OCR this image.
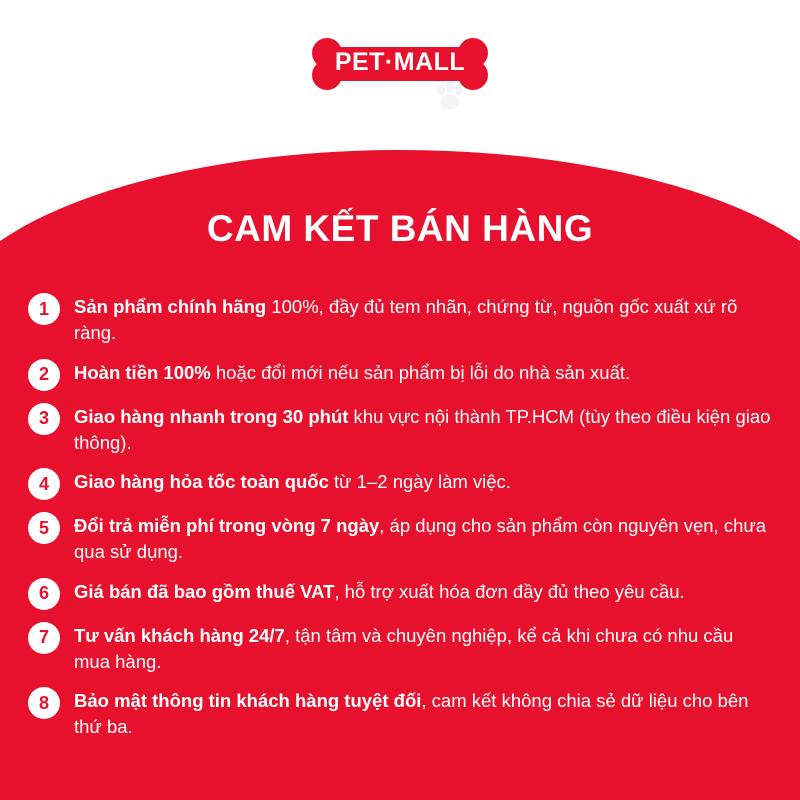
PET·MALL
CAM KẾT BÁN HÀNG
1	Sản phẩm chính hãng 100%, đầy đủ tem nhãn, chứng từ, nguồn gốc xuất xứ rõ ràng.
2	Hoàn tiền 100% hoặc đổi mới nếu sản phẩm bị lỗi do nhà sản xuất.
3	Giao hàng nhanh trong 30 phút khu vực nội thành TP.HCM (tùy theo điều kiện giao thông).
4	Giao hàng hỏa tốc toàn quốc từ 1–2 ngày làm việc.
5	Đổi trả miễn phí trong vòng 7 ngày, áp dụng cho sản phẩm còn nguyên vẹn, chưa qua sử dụng.
6	Giá bán đã bao gồm thuế VAT, hỗ trợ xuất hóa đơn đầy đủ theo yêu cầu.
7	Tư vấn khách hàng 24/7, tận tâm và chuyên nghiệp, kể cả khi chưa có nhu cầu mua hàng.
8	Bảo mật thông tin khách hàng tuyệt đối, cam kết không chia sẻ dữ liệu cho bên thứ ba.
